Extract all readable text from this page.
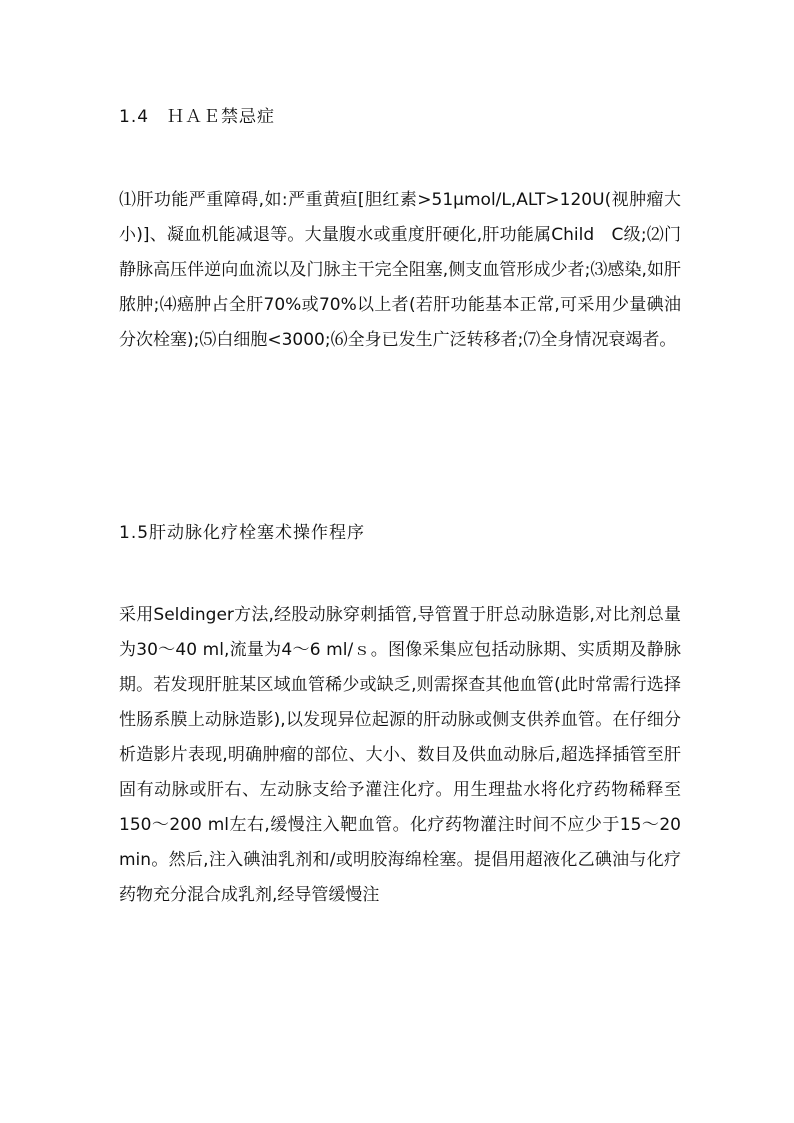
1.4　ＨＡＥ禁忌症

⑴肝功能严重障碍,如:严重黄疸[胆红素>51μmol/L,ALT>120U(视肿瘤大小)]、凝血机能减退等。大量腹水或重度肝硬化,肝功能属Child　C级;⑵门静脉高压伴逆向血流以及门脉主干完全阻塞,侧支血管形成少者;⑶感染,如肝脓肿;⑷癌肿占全肝70%或70%以上者(若肝功能基本正常,可采用少量碘油分次栓塞);⑸白细胞<3000;⑹全身已发生广泛转移者;⑺全身情况衰竭者。

1.5肝动脉化疗栓塞术操作程序

采用Seldinger方法,经股动脉穿刺插管,导管置于肝总动脉造影,对比剂总量为30～40 ml,流量为4～6 ml/ｓ。图像采集应包括动脉期、实质期及静脉期。若发现肝脏某区域血管稀少或缺乏,则需探查其他血管(此时常需行选择性肠系膜上动脉造影),以发现异位起源的肝动脉或侧支供养血管。在仔细分析造影片表现,明确肿瘤的部位、大小、数目及供血动脉后,超选择插管至肝固有动脉或肝右、左动脉支给予灌注化疗。用生理盐水将化疗药物稀释至150～200 ml左右,缓慢注入靶血管。化疗药物灌注时间不应少于15～20 min。然后,注入碘油乳剂和/或明胶海绵栓塞。提倡用超液化乙碘油与化疗药物充分混合成乳剂,经导管缓慢注
